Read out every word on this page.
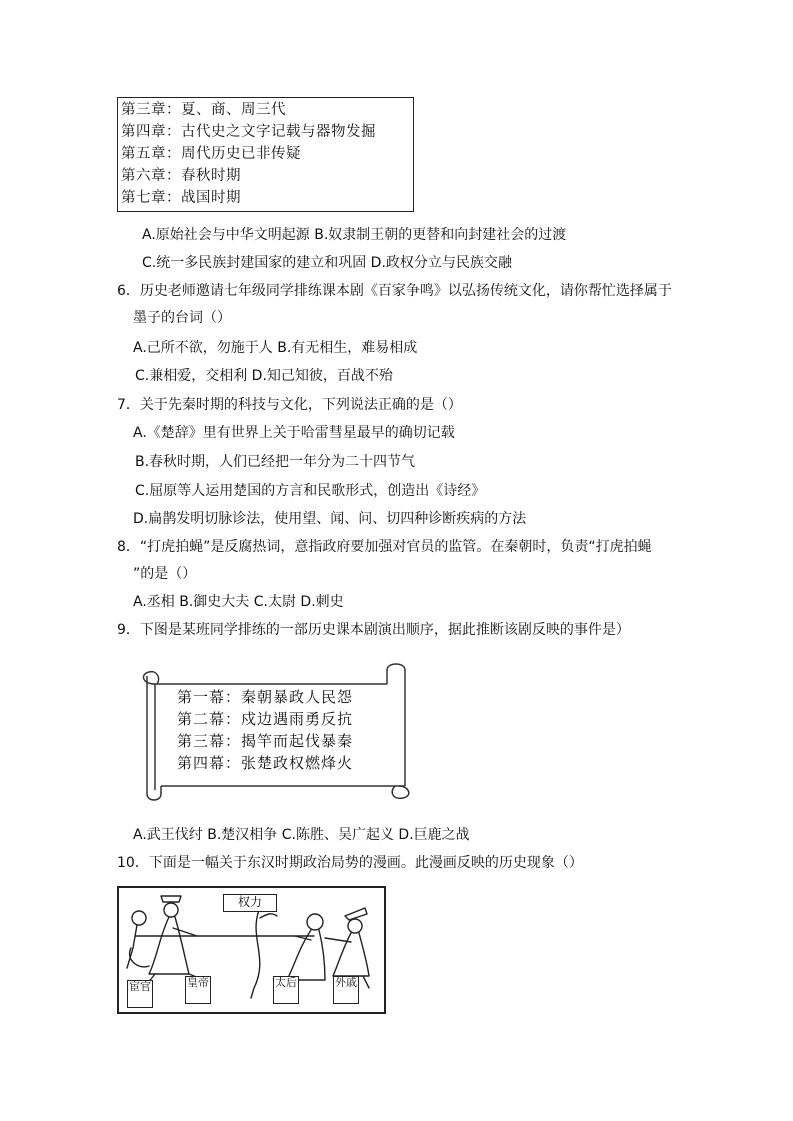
第三章：夏、商、周三代
第四章：古代史之文字记载与器物发掘
第五章：周代历史已非传疑
第六章：春秋时期
第七章：战国时期
A.原始社会与中华文明起源 B.奴隶制王朝的更替和向封建社会的过渡
C.统一多民族封建国家的建立和巩固 D.政权分立与民族交融
6．历史老师邀请七年级同学排练课本剧《百家争鸣》以弘扬传统文化，请你帮忙选择属于
墨子的台词（）
A.己所不欲，勿施于人 B.有无相生，难易相成
C.兼相爱，交相利 D.知己知彼，百战不殆
7．关于先秦时期的科技与文化，下列说法正确的是（）
A.《楚辞》里有世界上关于哈雷彗星最早的确切记载
B.春秋时期，人们已经把一年分为二十四节气
C.屈原等人运用楚国的方言和民歌形式，创造出《诗经》
D.扁鹊发明切脉诊法，使用望、闻、问、切四种诊断疾病的方法
8．“打虎拍蝇”是反腐热词，意指政府要加强对官员的监管。在秦朝时，负责“打虎拍蝇
”的是（）
A.丞相 B.御史大夫 C.太尉 D.刺史
9．下图是某班同学排练的一部历史课本剧演出顺序，据此推断该剧反映的事件是）
第一幕：秦朝暴政人民怨
第二幕：戍边遇雨勇反抗
第三幕：揭竿而起伐暴秦
第四幕：张楚政权燃烽火
A.武王伐纣 B.楚汉相争 C.陈胜、吴广起义 D.巨鹿之战
10．下面是一幅关于东汉时期政治局势的漫画。此漫画反映的历史现象（）
权力
宦官	皇帝	太后	外戚
